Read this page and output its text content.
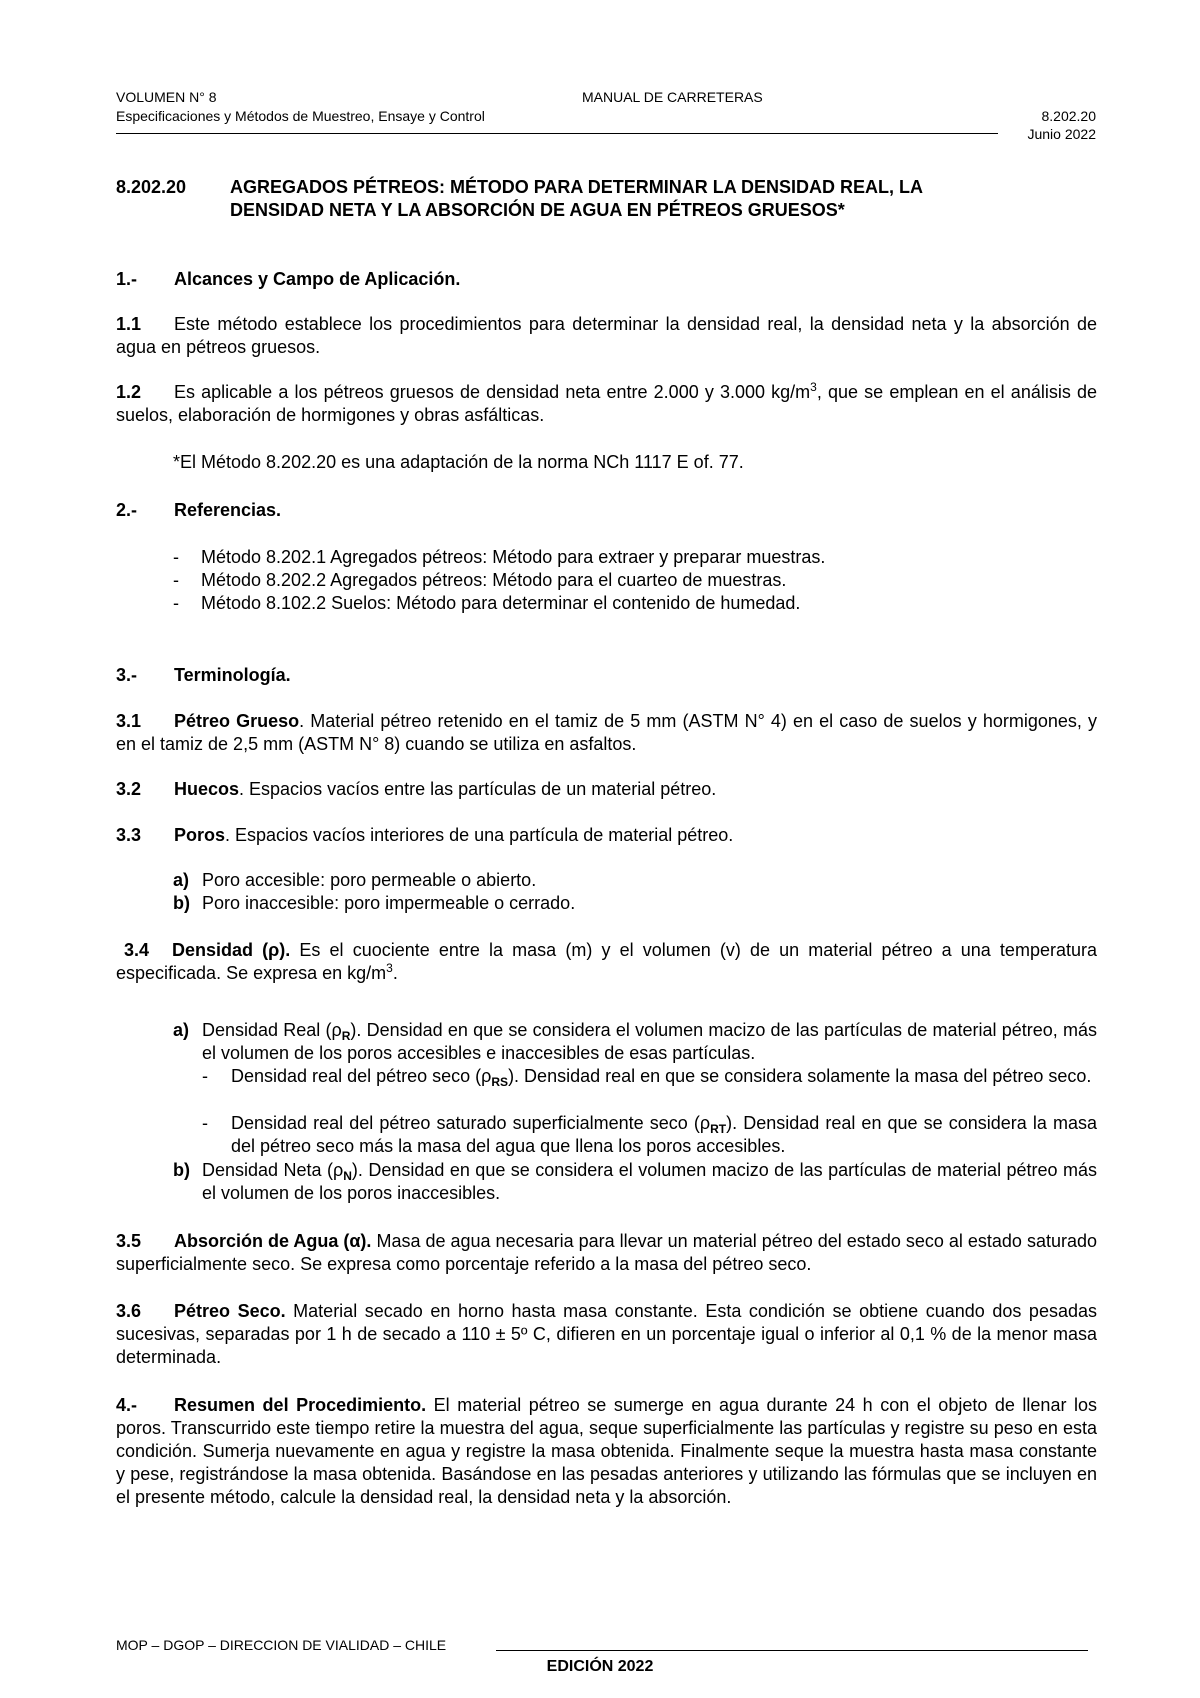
VOLUMEN N° 8	MANUAL DE CARRETERAS
Especificaciones y Métodos de Muestreo, Ensaye y Control	8.202.20
Junio 2022
8.202.20 AGREGADOS PÉTREOS: MÉTODO PARA DETERMINAR LA DENSIDAD REAL, LA DENSIDAD NETA Y LA ABSORCIÓN DE AGUA EN PÉTREOS GRUESOS*
1.- Alcances y Campo de Aplicación.
1.1 Este método establece los procedimientos para determinar la densidad real, la densidad neta y la absorción de agua en pétreos gruesos.
1.2 Es aplicable a los pétreos gruesos de densidad neta entre 2.000 y 3.000 $kg/m^3$, que se emplean en el análisis de suelos, elaboración de hormigones y obras asfálticas.
*El Método 8.202.20 es una adaptación de la norma NCh 1117 E of. 77.
2.- Referencias.
- Método 8.202.1 Agregados pétreos: Método para extraer y preparar muestras.
- Método 8.202.2 Agregados pétreos: Método para el cuarteo de muestras.
- Método 8.102.2 Suelos: Método para determinar el contenido de humedad.
3.- Terminología.
3.1 Pétreo Grueso. Material pétreo retenido en el tamiz de 5 mm (ASTM N° 4) en el caso de suelos y hormigones, y en el tamiz de 2,5 mm (ASTM N° 8) cuando se utiliza en asfaltos.
3.2 Huecos. Espacios vacíos entre las partículas de un material pétreo.
3.3 Poros. Espacios vacíos interiores de una partícula de material pétreo.
a) Poro accesible: poro permeable o abierto.
b) Poro inaccesible: poro impermeable o cerrado.
3.4 Densidad (ρ). Es el cuociente entre la masa (m) y el volumen (v) de un material pétreo a una temperatura especificada. Se expresa en $kg/m^3$.
a) Densidad Real $(\rho_R)$. Densidad en que se considera el volumen macizo de las partículas de material pétreo, más el volumen de los poros accesibles e inaccesibles de esas partículas.
- Densidad real del pétreo seco $(\rho_{RS})$. Densidad real en que se considera solamente la masa del pétreo seco.
- Densidad real del pétreo saturado superficialmente seco $(\rho_{RT})$. Densidad real en que se considera la masa del pétreo seco más la masa del agua que llena los poros accesibles.
b) Densidad Neta $(\rho_N)$. Densidad en que se considera el volumen macizo de las partículas de material pétreo más el volumen de los poros inaccesibles.
3.5 Absorción de Agua (α). Masa de agua necesaria para llevar un material pétreo del estado seco al estado saturado superficialmente seco. Se expresa como porcentaje referido a la masa del pétreo seco.
3.6 Pétreo Seco. Material secado en horno hasta masa constante. Esta condición se obtiene cuando dos pesadas sucesivas, separadas por 1 h de secado a 110 ± 5º C, difieren en un porcentaje igual o inferior al 0,1 % de la menor masa determinada.
4.- Resumen del Procedimiento. El material pétreo se sumerge en agua durante 24 h con el objeto de llenar los poros. Transcurrido este tiempo retire la muestra del agua, seque superficialmente las partículas y registre su peso en esta condición. Sumerja nuevamente en agua y registre la masa obtenida. Finalmente seque la muestra hasta masa constante y pese, registrándose la masa obtenida. Basándose en las pesadas anteriores y utilizando las fórmulas que se incluyen en el presente método, calcule la densidad real, la densidad neta y la absorción.
MOP – DGOP – DIRECCION DE VIALIDAD – CHILE
EDICIÓN 2022
